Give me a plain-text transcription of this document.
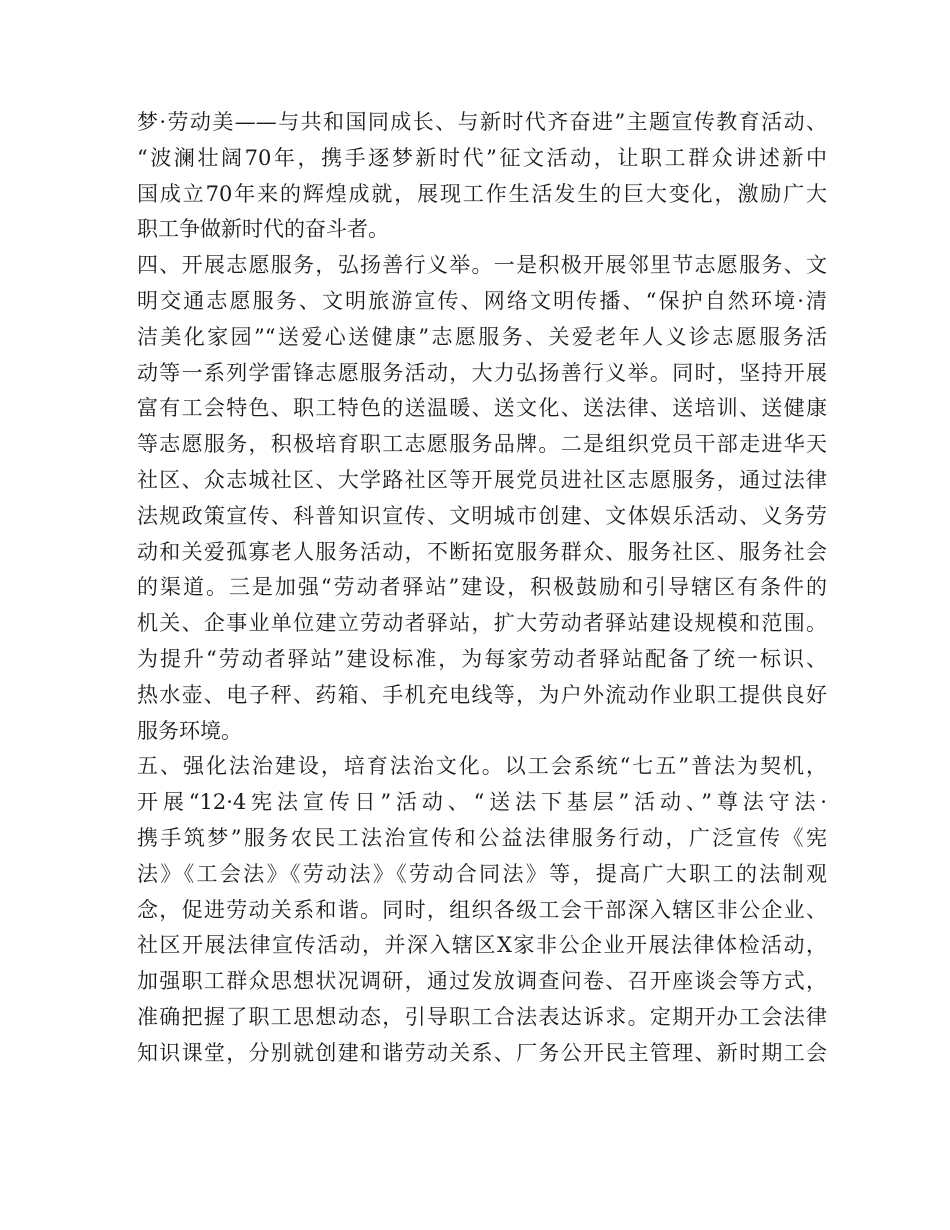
梦·劳动美——与共和国同成长、与新时代齐奋进”主题宣传教育活动、
“波澜壮阔70年，携手逐梦新时代”征文活动，让职工群众讲述新中
国成立70年来的辉煌成就，展现工作生活发生的巨大变化，激励广大
职工争做新时代的奋斗者。
四、开展志愿服务，弘扬善行义举。一是积极开展邻里节志愿服务、文
明交通志愿服务、文明旅游宣传、网络文明传播、“保护自然环境·清
洁美化家园”“送爱心送健康”志愿服务、关爱老年人义诊志愿服务活
动等一系列学雷锋志愿服务活动，大力弘扬善行义举。同时，坚持开展
富有工会特色、职工特色的送温暖、送文化、送法律、送培训、送健康
等志愿服务，积极培育职工志愿服务品牌。二是组织党员干部走进华天
社区、众志城社区、大学路社区等开展党员进社区志愿服务，通过法律
法规政策宣传、科普知识宣传、文明城市创建、文体娱乐活动、义务劳
动和关爱孤寡老人服务活动，不断拓宽服务群众、服务社区、服务社会
的渠道。三是加强“劳动者驿站”建设，积极鼓励和引导辖区有条件的
机关、企事业单位建立劳动者驿站，扩大劳动者驿站建设规模和范围。
为提升“劳动者驿站”建设标准，为每家劳动者驿站配备了统一标识、
热水壶、电子秤、药箱、手机充电线等，为户外流动作业职工提供良好
服务环境。
五、强化法治建设，培育法治文化。以工会系统“七五”普法为契机，
开展“12·4宪法宣传日”活动、“送法下基层”活动、”尊法守法·
携手筑梦”服务农民工法治宣传和公益法律服务行动，广泛宣传《宪
法》《工会法》《劳动法》《劳动合同法》等，提高广大职工的法制观
念，促进劳动关系和谐。同时，组织各级工会干部深入辖区非公企业、
社区开展法律宣传活动，并深入辖区X家非公企业开展法律体检活动，
加强职工群众思想状况调研，通过发放调查问卷、召开座谈会等方式，
准确把握了职工思想动态，引导职工合法表达诉求。定期开办工会法律
知识课堂，分别就创建和谐劳动关系、厂务公开民主管理、新时期工会
